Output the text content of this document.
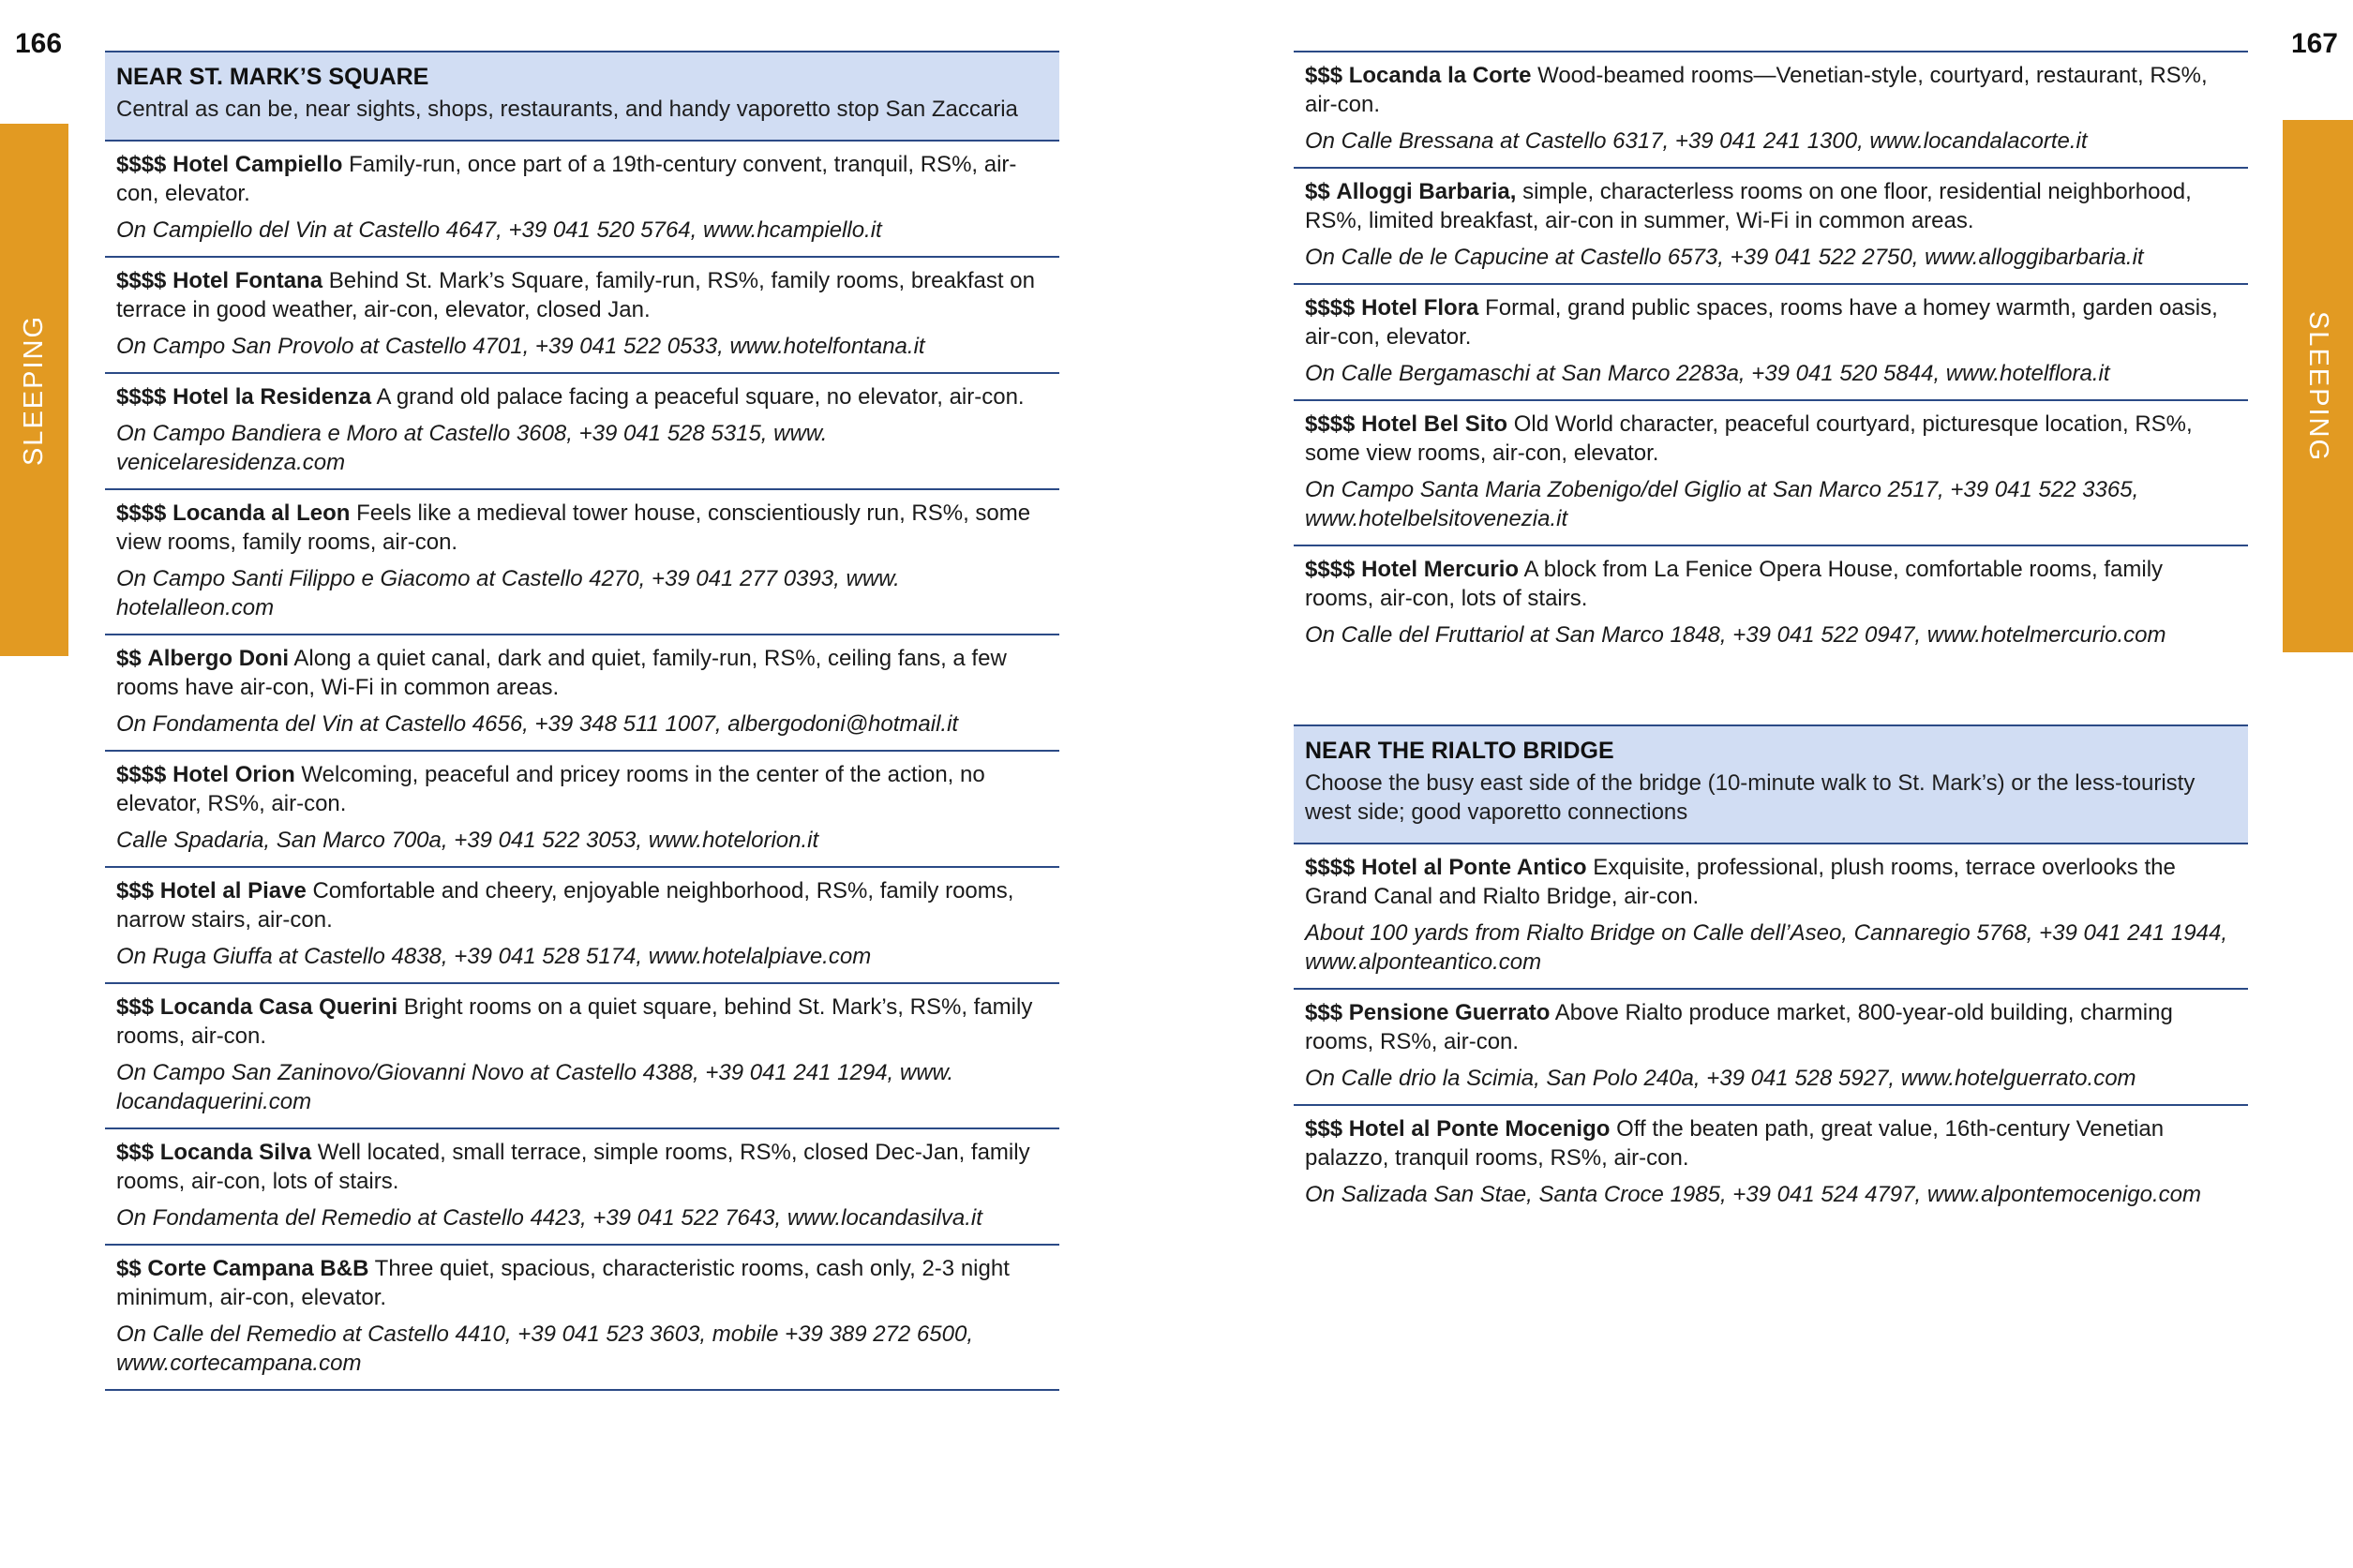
166	167
SLEEPING	SLEEPING
NEAR ST. MARK’S SQUARE
Central as can be, near sights, shops, restaurants, and handy vaporetto stop San Zaccaria
$$$$ Hotel Campiello Family-run, once part of a 19th-century convent, tranquil, RS%, air-con, elevator.
On Campiello del Vin at Castello 4647, +39 041 520 5764, www.hcampiello.it
$$$$ Hotel Fontana Behind St. Mark’s Square, family-run, RS%, family rooms, breakfast on terrace in good weather, air-con, elevator, closed Jan.
On Campo San Provolo at Castello 4701, +39 041 522 0533, www.hotelfontana.it
$$$$ Hotel la Residenza A grand old palace facing a peaceful square, no elevator, air-con.
On Campo Bandiera e Moro at Castello 3608, +39 041 528 5315, www. venicelaresidenza.com
$$$$ Locanda al Leon Feels like a medieval tower house, conscientiously run, RS%, some view rooms, family rooms, air-con.
On Campo Santi Filippo e Giacomo at Castello 4270, +39 041 277 0393, www. hotelalleon.com
$$ Albergo Doni Along a quiet canal, dark and quiet, family-run, RS%, ceiling fans, a few rooms have air-con, Wi-Fi in common areas.
On Fondamenta del Vin at Castello 4656, +39 348 511 1007, albergodoni@hotmail.it
$$$$ Hotel Orion Welcoming, peaceful and pricey rooms in the center of the action, no elevator, RS%, air-con.
Calle Spadaria, San Marco 700a, +39 041 522 3053, www.hotelorion.it
$$$ Hotel al Piave Comfortable and cheery, enjoyable neighborhood, RS%, family rooms, narrow stairs, air-con.
On Ruga Giuffa at Castello 4838, +39 041 528 5174, www.hotelalpiave.com
$$$ Locanda Casa Querini Bright rooms on a quiet square, behind St. Mark’s, RS%, family rooms, air-con.
On Campo San Zaninovo/Giovanni Novo at Castello 4388, +39 041 241 1294, www. locandaquerini.com
$$$ Locanda Silva Well located, small terrace, simple rooms, RS%, closed Dec-Jan, family rooms, air-con, lots of stairs.
On Fondamenta del Remedio at Castello 4423, +39 041 522 7643, www.locandasilva.it
$$ Corte Campana B&B Three quiet, spacious, characteristic rooms, cash only, 2-3 night minimum, air-con, elevator.
On Calle del Remedio at Castello 4410, +39 041 523 3603, mobile +39 389 272 6500, www.cortecampana.com
$$$ Locanda la Corte Wood-beamed rooms—Venetian-style, courtyard, restaurant, RS%, air-con.
On Calle Bressana at Castello 6317, +39 041 241 1300, www.locandalacorte.it
$$ Alloggi Barbaria, simple, characterless rooms on one floor, residential neighborhood, RS%, limited breakfast, air-con in summer, Wi-Fi in common areas.
On Calle de le Capucine at Castello 6573, +39 041 522 2750, www.alloggibarbaria.it
$$$$ Hotel Flora Formal, grand public spaces, rooms have a homey warmth, garden oasis, air-con, elevator.
On Calle Bergamaschi at San Marco 2283a, +39 041 520 5844, www.hotelflora.it
$$$$ Hotel Bel Sito Old World character, peaceful courtyard, picturesque location, RS%, some view rooms, air-con, elevator.
On Campo Santa Maria Zobenigo/del Giglio at San Marco 2517, +39 041 522 3365, www.hotelbelsitovenezia.it
$$$$ Hotel Mercurio A block from La Fenice Opera House, comfortable rooms, family rooms, air-con, lots of stairs.
On Calle del Fruttariol at San Marco 1848, +39 041 522 0947, www.hotelmercurio.com
NEAR THE RIALTO BRIDGE
Choose the busy east side of the bridge (10-minute walk to St. Mark’s) or the less-touristy west side; good vaporetto connections
$$$$ Hotel al Ponte Antico Exquisite, professional, plush rooms, terrace overlooks the Grand Canal and Rialto Bridge, air-con.
About 100 yards from Rialto Bridge on Calle dell’Aseo, Cannaregio 5768, +39 041 241 1944, www.alponteantico.com
$$$ Pensione Guerrato Above Rialto produce market, 800-year-old building, charming rooms, RS%, air-con.
On Calle drio la Scimia, San Polo 240a, +39 041 528 5927, www.hotelguerrato.com
$$$ Hotel al Ponte Mocenigo Off the beaten path, great value, 16th-century Venetian palazzo, tranquil rooms, RS%, air-con.
On Salizada San Stae, Santa Croce 1985, +39 041 524 4797, www.alpontemocenigo.com
